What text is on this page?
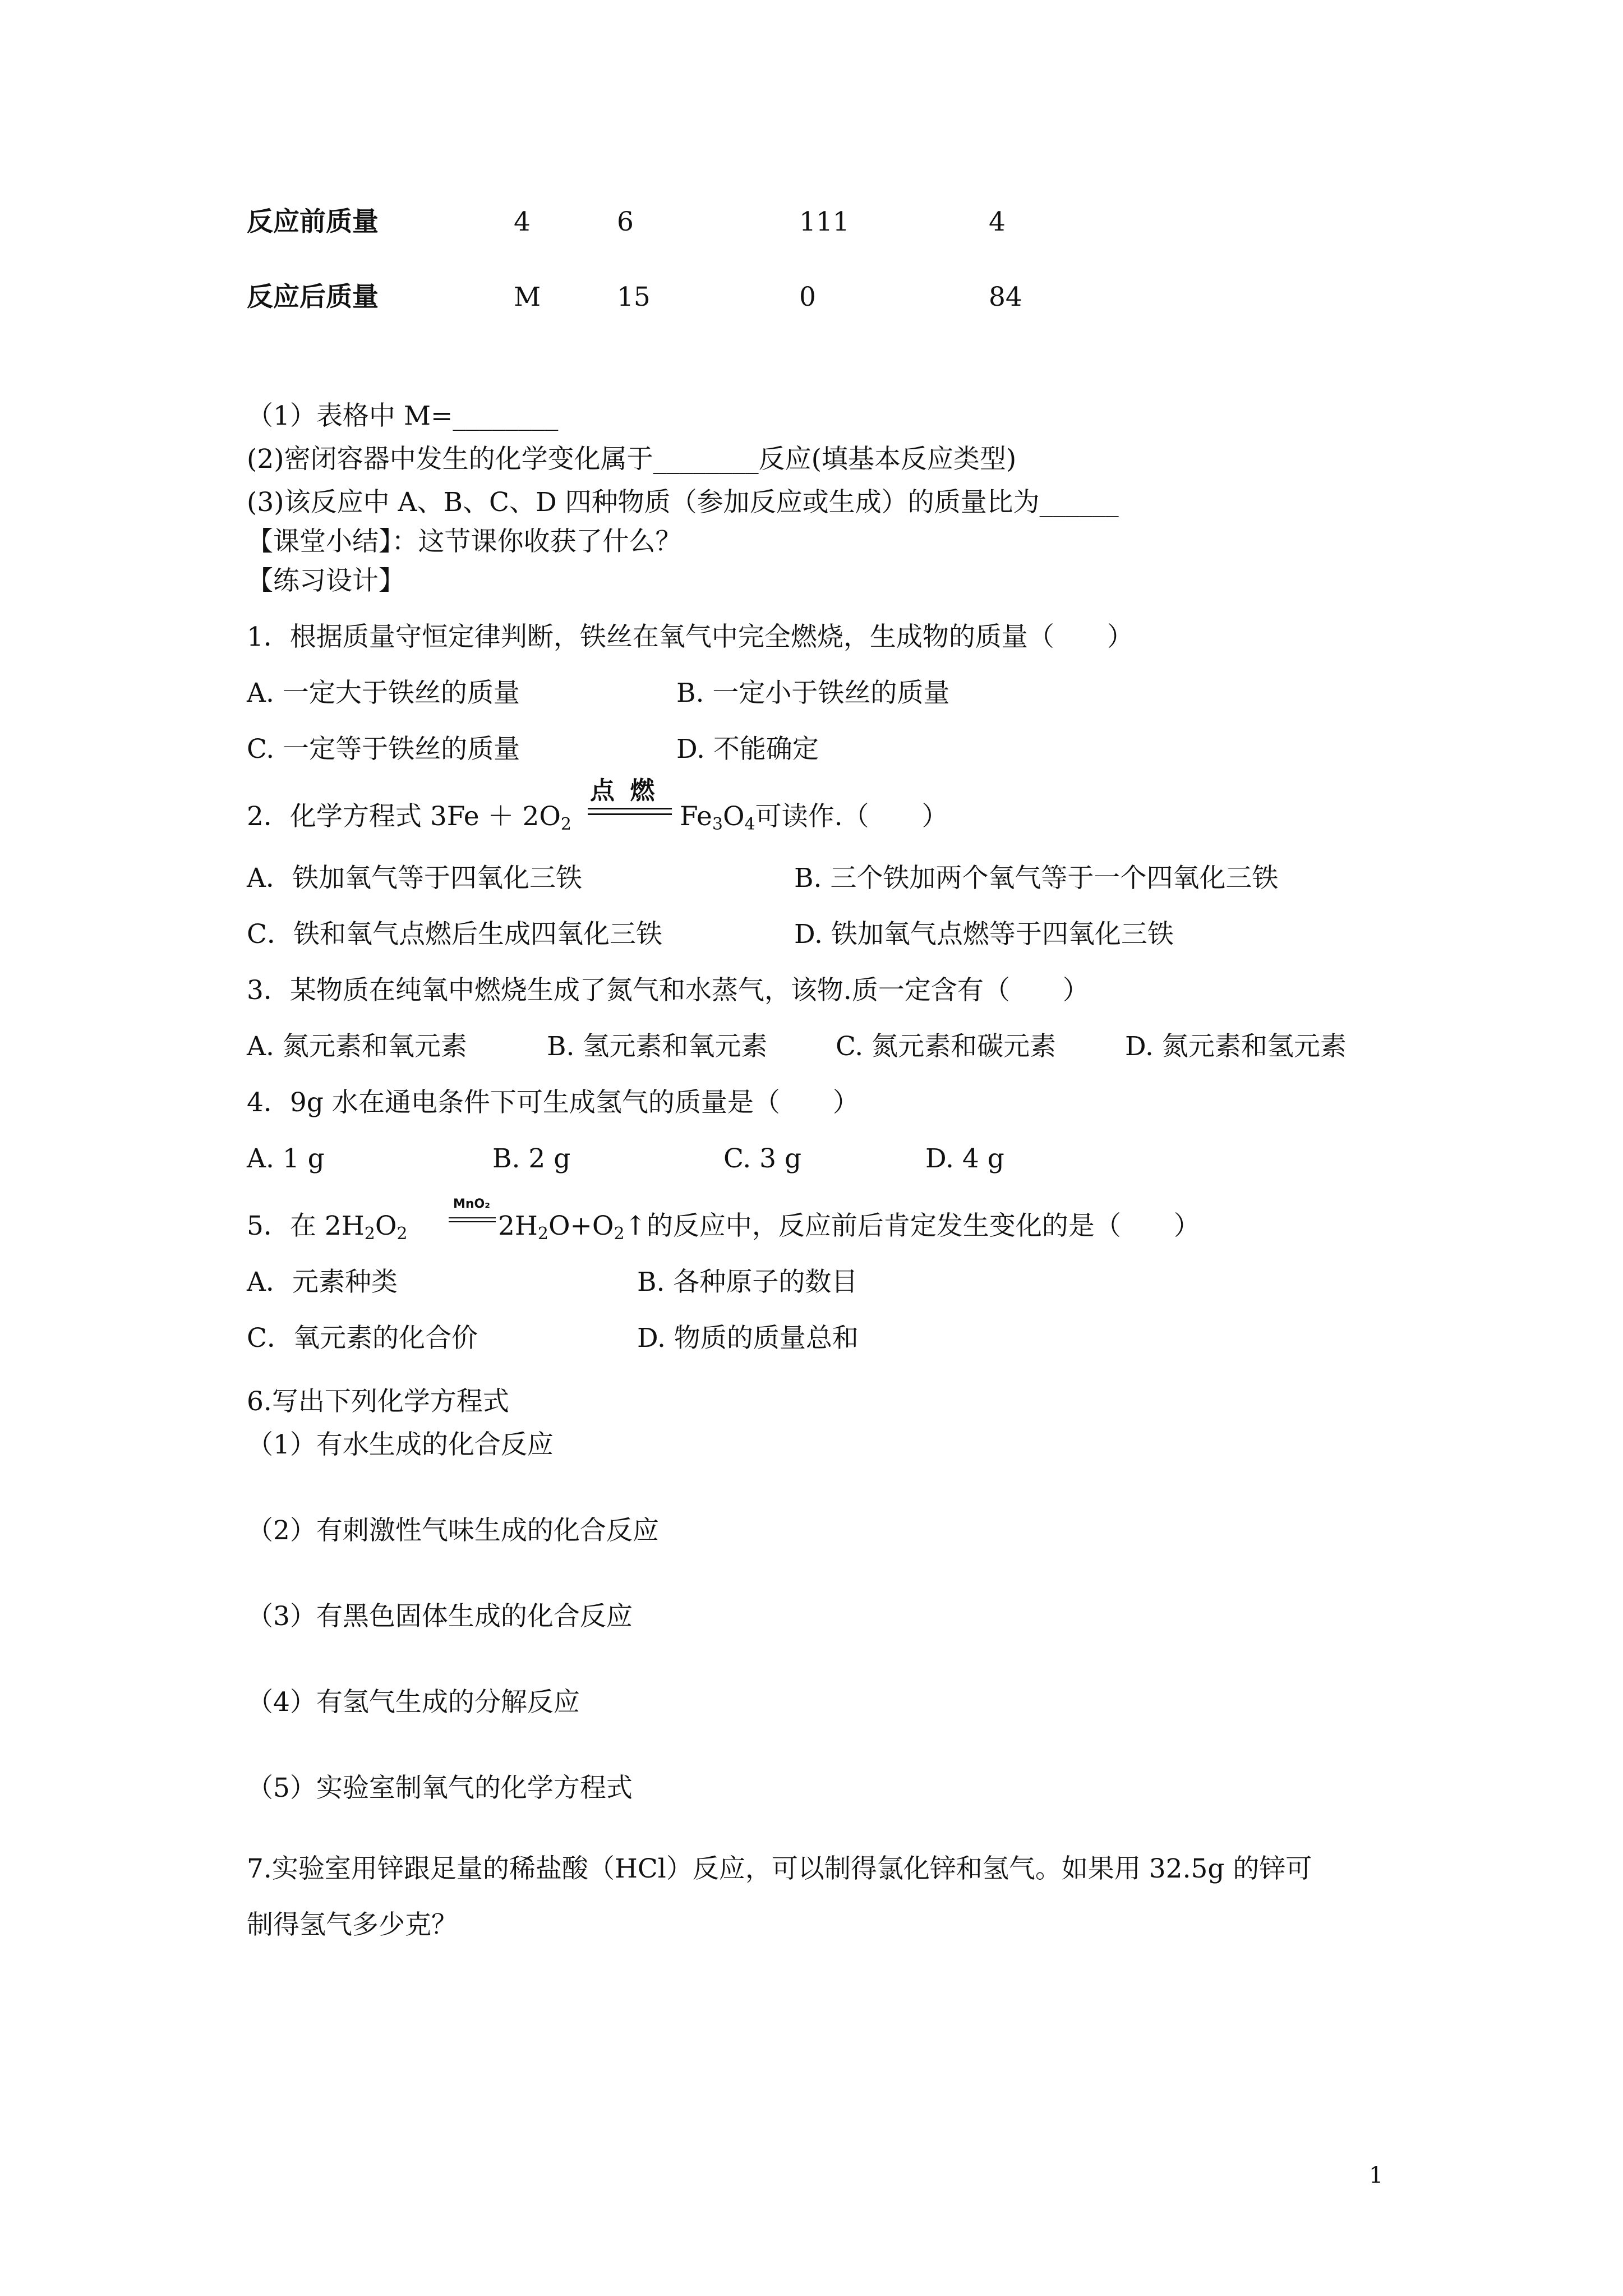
反应前质量	4	6	111	4
反应后质量	M	15	0	84
（1）表格中 M=________
(2)密闭容器中发生的化学变化属于________反应(填基本反应类型)
(3)该反应中 A、B、C、D 四种物质（参加反应或生成）的质量比为______
【课堂小结】：这节课你收获了什么？
【练习设计】
1．根据质量守恒定律判断，铁丝在氧气中完全燃烧，生成物的质量（　　）
A. 一定大于铁丝的质量	B. 一定小于铁丝的质量
C. 一定等于铁丝的质量	D. 不能确定
2．化学方程式 $3Fe + 2O_2$
点 燃
$Fe_3O_4$可读作.（　　）
A．铁加氧气等于四氧化三铁	B. 三个铁加两个氧气等于一个四氧化三铁
C．铁和氧气点燃后生成四氧化三铁	D. 铁加氧气点燃等于四氧化三铁
3．某物质在纯氧中燃烧生成了氮气和水蒸气，该物.质一定含有（　　）
A. 氮元素和氧元素	B. 氢元素和氧元素	C. 氮元素和碳元素	D. 氮元素和氢元素
4．9g 水在通电条件下可生成氢气的质量是（　　）
A. 1 g	B. 2 g	C. 3 g	D. 4 g
5．在 $2H_2O_2$
MnO₂
$2H_2O+O_2↑$的反应中，反应前后肯定发生变化的是（　　）
A．元素种类	B. 各种原子的数目
C．氧元素的化合价	D. 物质的质量总和
6.写出下列化学方程式
（1）有水生成的化合反应
（2）有刺激性气味生成的化合反应
（3）有黑色固体生成的化合反应
（4）有氢气生成的分解反应
（5）实验室制氧气的化学方程式
7.实验室用锌跟足量的稀盐酸（HCl）反应，可以制得氯化锌和氢气。如果用 32.5g 的锌可
制得氢气多少克？
1
